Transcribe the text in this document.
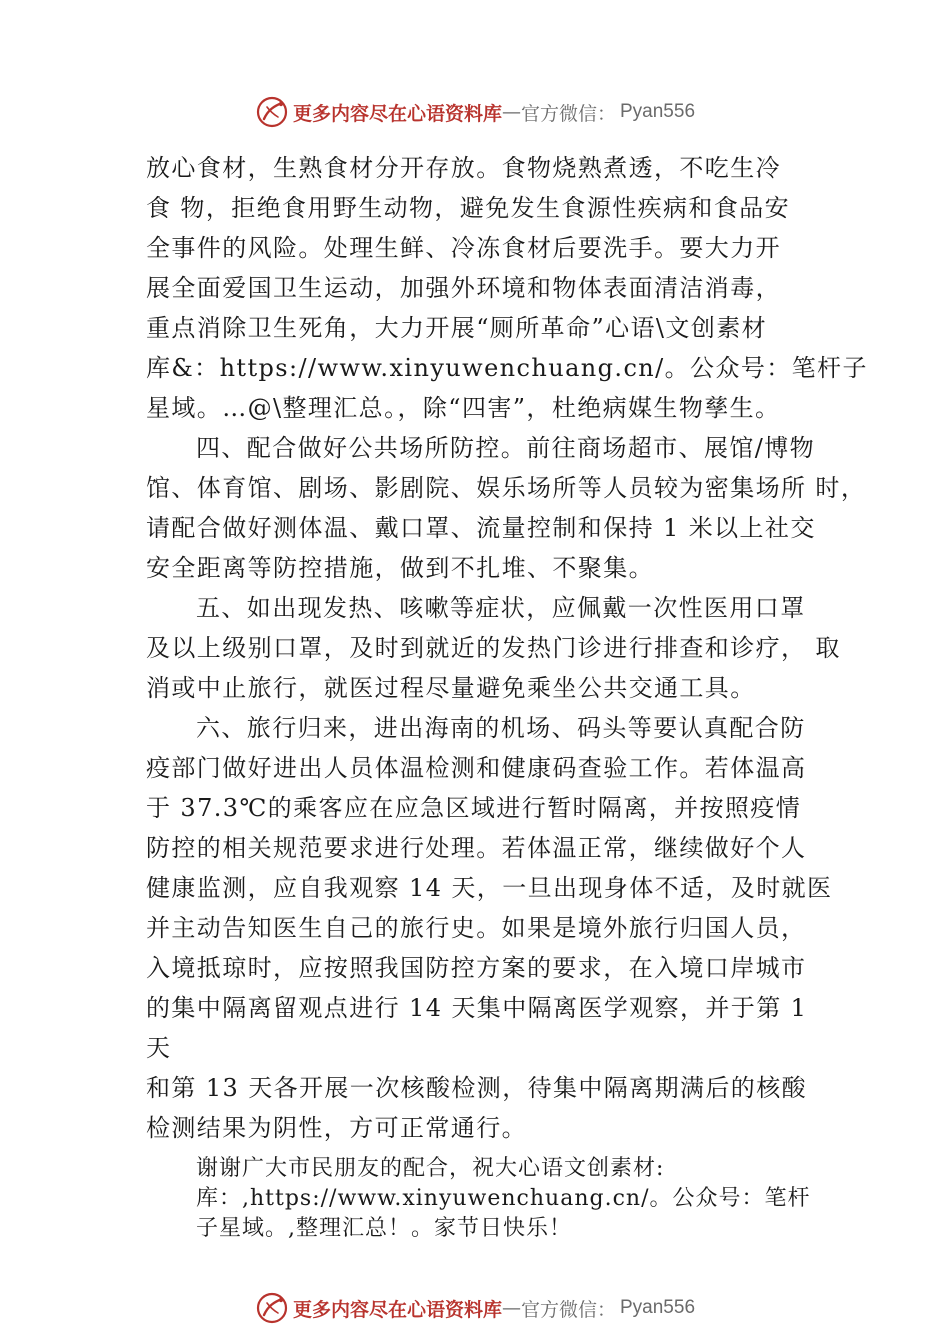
更多内容尽在心语资料库 — 官方微信： Pyan556
放心食材，生熟食材分开存放。食物烧熟煮透，不吃生冷
食 物，拒绝食用野生动物，避免发生食源性疾病和食品安
全事件的风险。处理生鲜、冷冻食材后要洗手。要大力开
展全面爱国卫生运动，加强外环境和物体表面清洁消毒，
重点消除卫生死角，大力开展“厕所革命”心语\文创素材
库&：https://www.xinyuwenchuang.cn/。公众号：笔杆子
星域。…@\整理汇总。，除“四害”，杜绝病媒生物孳生。
四、配合做好公共场所防控。前往商场超市、展馆/博物
馆、体育馆、剧场、影剧院、娱乐场所等人员较为密集场所 时，
请配合做好测体温、戴口罩、流量控制和保持 1 米以上社交
安全距离等防控措施，做到不扎堆、不聚集。
五、如出现发热、咳嗽等症状，应佩戴一次性医用口罩
及以上级别口罩，及时到就近的发热门诊进行排查和诊疗， 取
消或中止旅行，就医过程尽量避免乘坐公共交通工具。
六、旅行归来，进出海南的机场、码头等要认真配合防
疫部门做好进出人员体温检测和健康码查验工作。若体温高
于 37.3℃的乘客应在应急区域进行暂时隔离，并按照疫情
防控的相关规范要求进行处理。若体温正常，继续做好个人
健康监测，应自我观察 14 天，一旦出现身体不适，及时就医
并主动告知医生自己的旅行史。如果是境外旅行归国人员，
入境抵琼时，应按照我国防控方案的要求，在入境口岸城市
的集中隔离留观点进行 14 天集中隔离医学观察，并于第 1
天
和第 13 天各开展一次核酸检测，待集中隔离期满后的核酸
检测结果为阴性，方可正常通行。
谢谢广大市民朋友的配合，祝大心语文创素材:
库：,https://www.xinyuwenchuang.cn/。公众号：笔杆
子星域。,整理汇总！。家节日快乐！
更多内容尽在心语资料库 — 官方微信： Pyan556
